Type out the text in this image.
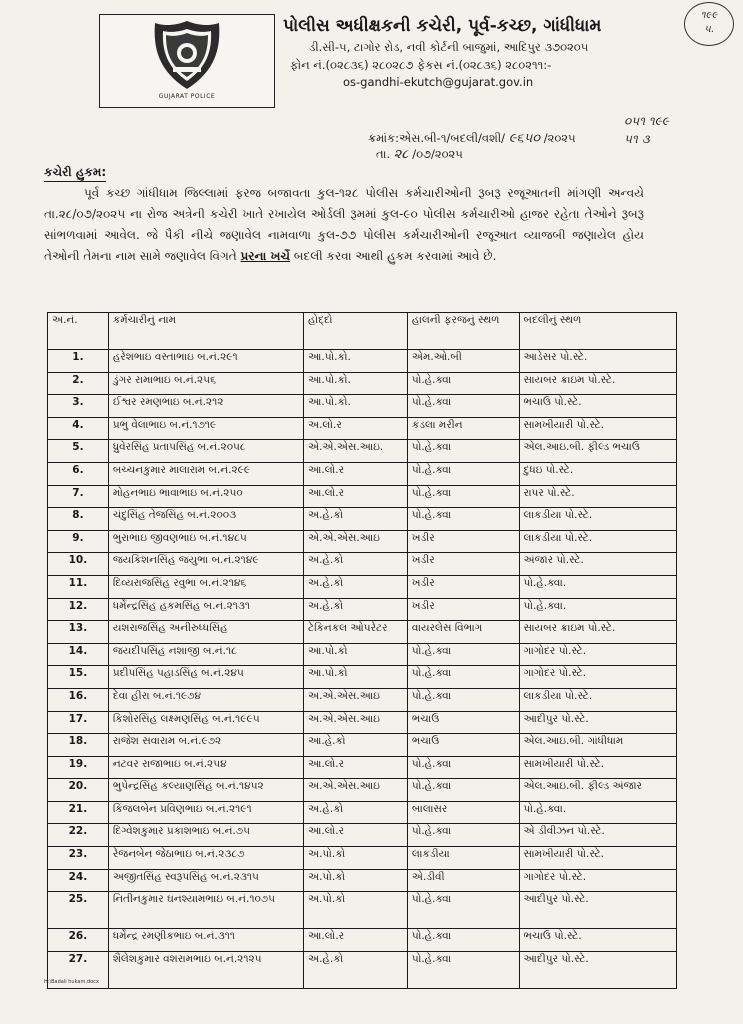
GUJARAT POLICE
પોલીસ અધીક્ષકની કચેરી, પૂર્વ-કચ્છ, ગાંધીધામ
ડી.સી-૫, ટાગોર રોડ, નવી કોર્ટની બાજુમાં, આદિપુર ૩૭૦૨૦૫
ફોન નં.(૦૨૮૩૬) ૨૮૦૨૮૭ ફેકસ નં.(૦૨૮૩૬) ૨૮૦૨૧૧:-
os-gandhi-ekutch@gujarat.gov.in
૧૯૯
૫.
ક્રમાંક:એસ.બી-૧/બદલી/વશી/ ૯૬૫૦ /૨૦૨૫
તા. ૨૮ /૦૭/૨૦૨૫
૦૫૧ ૧૯૯
૫૧ ૩
કચેરી હુકમ:
પૂર્વ કચ્છ ગાંધીધામ જિલ્લામાં ફરજ બજાવતા કુલ-૧૨૮ પોલીસ કર્મચારીઓની રૂબરૂ રજૂઆતની માંગણી અન્વયે તા.૨૮/૦૭/૨૦૨૫ ના રોજ અત્રેની કચેરી ખાતે રખાયેલ ઓર્ડલી રૂમમાં કુલ-૯૦ પોલીસ કર્મચારીઓ હાજર રહેતા તેઓને રૂબરૂ સાંભળવામાં આવેલ. જે પૈકી નીચે જણાવેલ નામવાળા કુલ-૭૭ પોલીસ કર્મચારીઓની રજૂઆત વ્યાજબી જણાયેલ હોય તેઓની તેમના નામ સામે જણાવેલ વિગતે પ્રરના ખર્ચે બદલી કરવા આથી હુકમ કરવામાં આવે છે.
અ.નં.	કર્મચારીનું નામ	હોદ્દો	હાલની ફરજનું સ્થળ	બદલીનું સ્થળ
1.	હરેશભાઇ વસ્તાભાઇ બ.નં.૨૯૧	આ.પો.કો.	એમ.ઓ.બી	આડેસર પો.સ્ટે.
2.	ડુંગર રામાભાઇ બ.નં.૨૫૬	આ.પો.કો.	પો.હે.ક્વા	સાયબર ક્રાઇમ પો.સ્ટે.
3.	ઈશ્વર રમણભાઇ બ.નં.૨૧૨	આ.પો.કો.	પો.હે.ક્વા	ભચાઉ પો.સ્ટે.
4.	પ્રભુ વેલાભાઇ બ.નં.૧૭૧૯	અ.લો.ર	કંડલા મરીન	સામખીયારી પો.સ્ટે.
5.	ધ્રુવેરસિંહ પ્રતાપસિંહ બ.નં.૨૦૫૮	એ.એ.એસ.આઇ.	પો.હે.ક્વા	એલ.આઇ.બી. ફીલ્ડ ભચાઉ
6.	બચ્ચનકુમાર માલારામ બ.નં.૨૯૯	આ.લો.ર	પો.હે.ક્વા	દુધઇ પો.સ્ટે.
7.	મોહનભાઇ ભાવાભાઇ બ.નં.૨૫૦	આ.લો.ર	પો.હે.ક્વા	રાપર પો.સ્ટે.
8.	ચંદુસિંહ તેજસિંહ બ.નં.૨૦૦૩	અ.હે.કો	પો.હે.ક્વા	લાકડીયા પો.સ્ટે.
9.	ભુરાભાઇ જીવણભાઇ બ.નં.૧૪૮૫	એ.એ.એસ.આઇ	ખડીર	લાકડીયા પો.સ્ટે.
10.	જયકિશનસિંહ જયુભા બ.નં.૨૧૪૯	અ.હે.કો	ખડીર	અંજાર પો.સ્ટે.
11.	દિવ્યરાજસિંહ રવુભા બ.નં.૨૧૪૬	અ.હે.કો	ખડીર	પો.હે.ક્વા.
12.	ધર્મેન્દ્રસિંહ હકમસિંહ બ.નં.૨૧૩૧	અ.હે.કો	ખડીર	પો.હે.ક્વા.
13.	યશરાજસિંહ અનીરુધ્ધસિંહ	ટેકિનકલ ઓપરેટર	વાયરલેસ વિભાગ	સાયબર ક્રાઇમ પો.સ્ટે.
14.	જયદીપસિંહ નશાજી બ.નં.૧૮	આ.પો.કો	પો.હે.ક્વા	ગાગોદર પો.સ્ટે.
15.	પ્રદીપસિંહ પહાડસિંહ બ.નં.૨૪૫	આ.પો.કો	પો.હે.ક્વા	ગાગોદર પો.સ્ટે.
16.	દેવા હીરા બ.નં.૧૯૭૪	અ.એ.એસ.આઇ	પો.હે.ક્વા	લાકડીયા પો.સ્ટે.
17.	કિશોરસિંહ લક્ષ્મણસિંહ બ.નં.૧૯૯૫	અ.એ.એસ.આઇ	ભચાઉ	આદીપુર પો.સ્ટે.
18.	રાજેશ સવારામ બ.નં.૯૭૨	આ.હે.કો	ભચાઉ	એલ.આઇ.બી. ગાંધીધામ
19.	નટવર રાજાભાઇ બ.નં.૨૫૪	આ.લો.ર	પો.હે.ક્વા	સામખીયારી પો.સ્ટે.
20.	ભુપેન્દ્રસિંહ કલ્યાણસિંહ બ.નં.૧૪૫૨	અ.એ.એસ.આઇ	પો.હે.ક્વા	એલ.આઇ.બી. ફીલ્ડ અંજાર
21.	કિંજલબેન પ્રવિણભાઇ બ.નં.૨૧૯૧	અ.હે.કો	બાલાસર	પો.હે.ક્વા.
22.	દિગ્વેશકુમાર પ્રકાશભાઇ બ.નં.૭૫	આ.લો.ર	પો.હે.ક્વા	એ ડીવીઝન પો.સ્ટે.
23.	રેજનબેન જેઠાભાઇ બ.નં.૨૩૮૭	અ.પો.કો	લાકડીયા	સામખીયારી પો.સ્ટે.
24.	અજીતસિંહ સ્વરૂપસિંહ બ.નં.૨૩૧૫	અ.પો.કો	એ.ડીવી	ગાગોદર પો.સ્ટે.
25.	નિતીનકુમાર ઘનશ્યામભાઇ બ.નં.૧૦૭૫	અ.પો.કો	પો.હે.ક્વા	આદીપુર પો.સ્ટે.
26.	ધર્મેન્દ્ર રમણીકભાઇ બ.નં.૩૧૧	આ.લો.ર	પો.હે.ક્વા	ભચાઉ પો.સ્ટે.
27.	શૈલેશકુમાર વશરામભાઇ બ.નં.૨૧૨૫	અ.હે.કો	પો.હે.ક્વા	આદીપુર પો.સ્ટે.
H:\Badali hukam.docx
